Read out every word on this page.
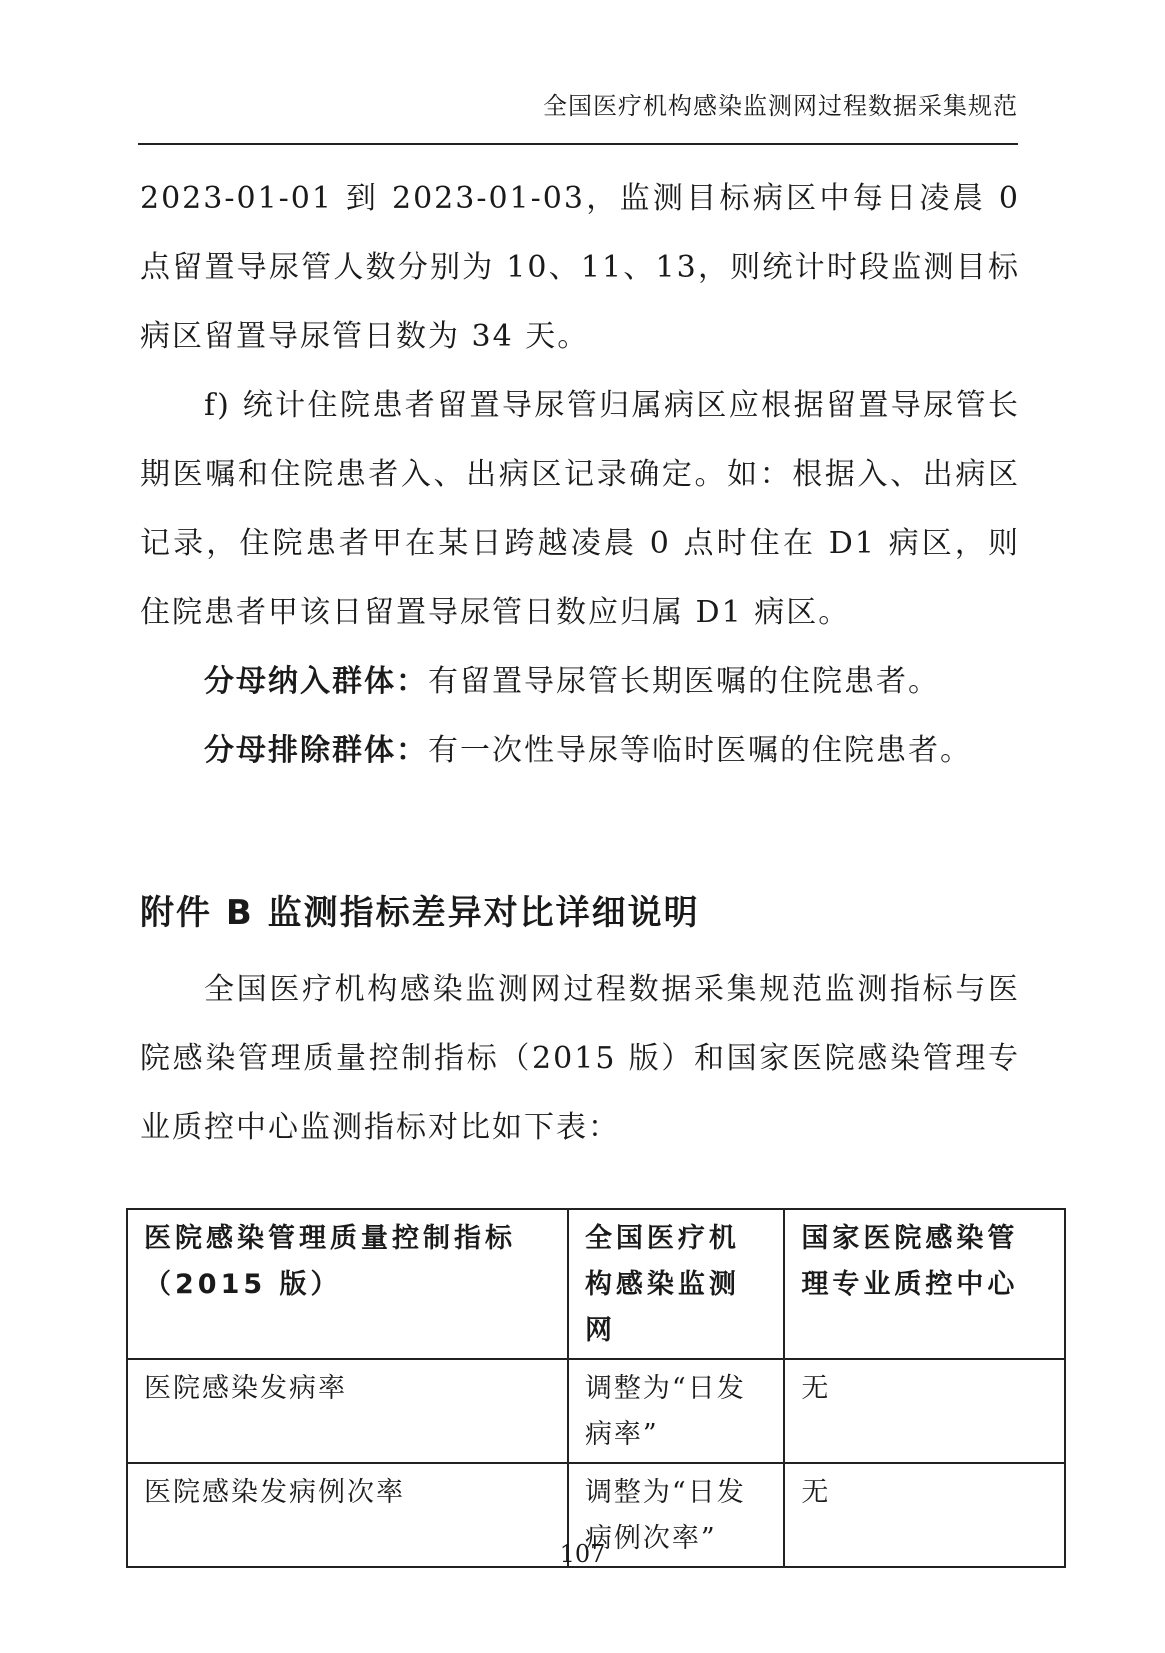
全国医疗机构感染监测网过程数据采集规范

2023-01-01 到 2023-01-03，监测目标病区中每日凌晨 0 点留置导尿管人数分别为 10、11、13，则统计时段监测目标病区留置导尿管日数为 34 天。

f) 统计住院患者留置导尿管归属病区应根据留置导尿管长期医嘱和住院患者入、出病区记录确定。如：根据入、出病区记录，住院患者甲在某日跨越凌晨 0 点时住在 D1 病区，则住院患者甲该日留置导尿管日数应归属 D1 病区。

分母纳入群体：有留置导尿管长期医嘱的住院患者。

分母排除群体：有一次性导尿等临时医嘱的住院患者。

附件 B 监测指标差异对比详细说明

全国医疗机构感染监测网过程数据采集规范监测指标与医院感染管理质量控制指标（2015 版）和国家医院感染管理专业质控中心监测指标对比如下表：

医院感染管理质量控制指标（2015 版）	全国医疗机构感染监测网	国家医院感染管理专业质控中心
医院感染发病率	调整为“日发病率”	无
医院感染发病例次率	调整为“日发病例次率”	无
107
